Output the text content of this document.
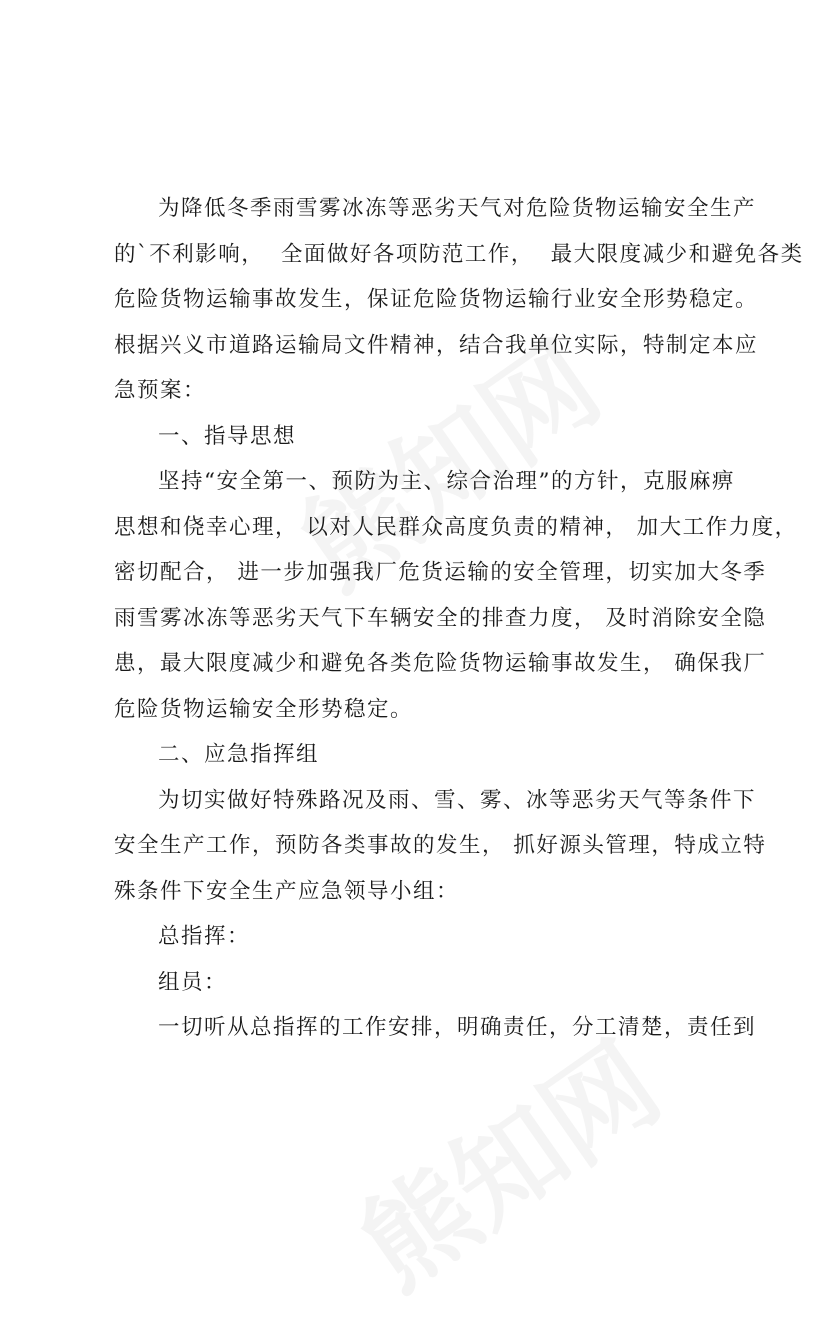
为降低冬季雨雪雾冰冻等恶劣天气对危险货物运输安全生产
的`不利影响，  全面做好各项防范工作，  最大限度减少和避免各类
危险货物运输事故发生，保证危险货物运输行业安全形势稳定。
根据兴义市道路运输局文件精神，结合我单位实际，特制定本应
急预案：
一、指导思想
坚持“安全第一、预防为主、综合治理”的方针，克服麻痹
思想和侥幸心理， 以对人民群众高度负责的精神， 加大工作力度，
密切配合， 进一步加强我厂危货运输的安全管理，切实加大冬季
雨雪雾冰冻等恶劣天气下车辆安全的排查力度， 及时消除安全隐
患，最大限度减少和避免各类危险货物运输事故发生， 确保我厂
危险货物运输安全形势稳定。
二、应急指挥组
为切实做好特殊路况及雨、雪、雾、冰等恶劣天气等条件下
安全生产工作，预防各类事故的发生， 抓好源头管理，特成立特
殊条件下安全生产应急领导小组：
总指挥：
组员：
一切听从总指挥的工作安排，明确责任，分工清楚，责任到
